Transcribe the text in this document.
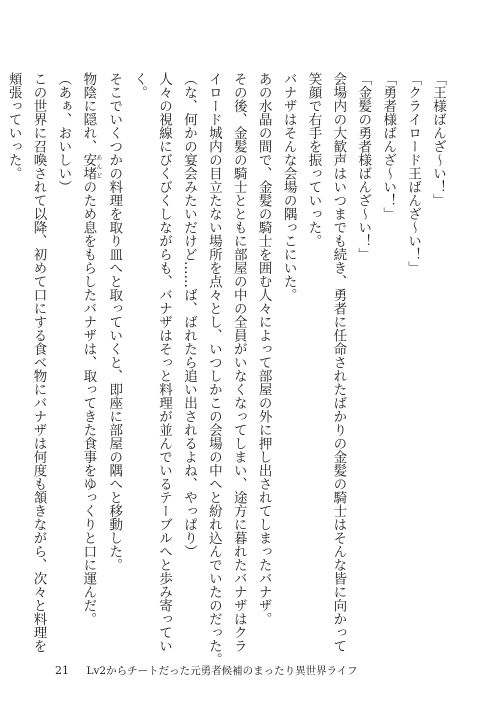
「王様ばんざ～い！」

「クライロード王ばんざ～い！」

「勇者様ばんざ～い！」

「金髪の勇者様ばんざ～い！」

会場内の大歓声はいつまでも続き、勇者に任命されたばかりの金髪の騎士はそんな皆に向かって

笑顔で右手を振っていった。

バナザはそんな会場の隅っこにいた。

あの水晶の間で、金髪の騎士を囲む人々によって部屋の外に押し出されてしまったバナザ。

その後、金髪の騎士とともに部屋の中の全員がいなくなってしまい、途方に暮れたバナザはクラ

イロード城内の目立たない場所を点々とし、いつしかこの会場の中へと紛れ込んでいたのだった。

（な、何かの宴会みたいだけど……ば、ばれたら追い出されるよね、やっぱり）

人々の視線にびくびくしながらも、バナザはそっと料理が並んでいるテーブルへと歩み寄ってい

く。

そこでいくつかの料理を取り皿へと取っていくと、即座に部屋の隅へと移動した。

物陰に隠れ、安堵あんどのため息をもらしたバナザは、取ってきた食事をゆっくりと口に運んだ。

（あぁ、おいしい）

この世界に召喚されて以降、初めて口にする食べ物にバナザは何度も頷きながら、次々と料理を

頬張っていった。

21 Lv2からチートだった元勇者候補のまったり異世界ライフ
